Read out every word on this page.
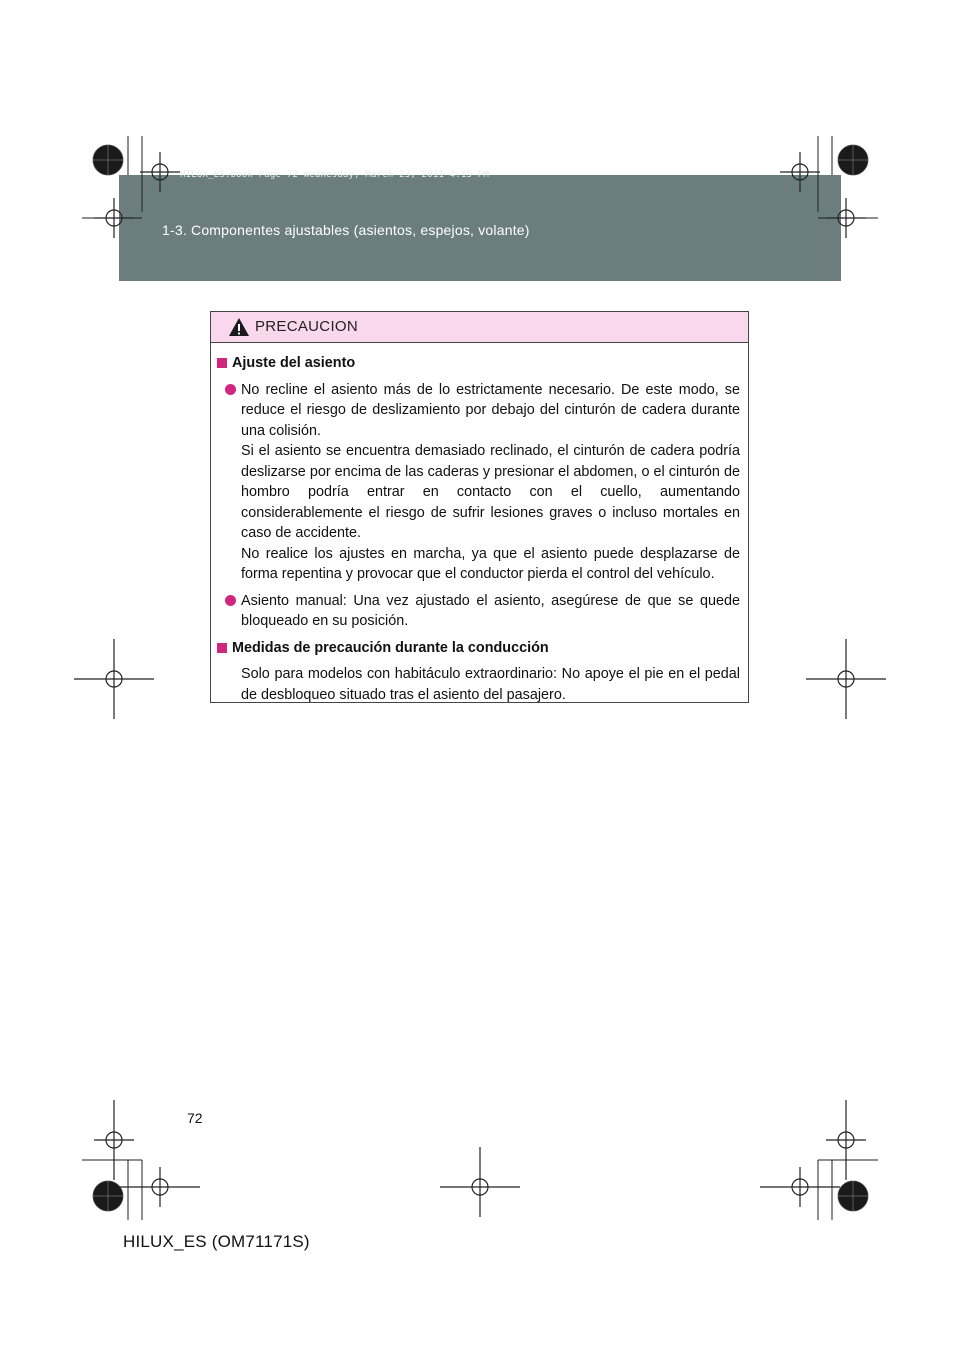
HILUX_ES.book Page 72 Wednesday, March 23, 2011 4:15 PM
1-3. Componentes ajustables (asientos, espejos, volante)
PRECAUCION
Ajuste del asiento
No recline el asiento más de lo estrictamente necesario. De este modo, se reduce el riesgo de deslizamiento por debajo del cinturón de cadera durante una colisión.
Si el asiento se encuentra demasiado reclinado, el cinturón de cadera podría deslizarse por encima de las caderas y presionar el abdomen, o el cinturón de hombro podría entrar en contacto con el cuello, aumentando considerablemente el riesgo de sufrir lesiones graves o incluso mortales en caso de accidente.
No realice los ajustes en marcha, ya que el asiento puede desplazarse de forma repentina y provocar que el conductor pierda el control del vehículo.
Asiento manual: Una vez ajustado el asiento, asegúrese de que se quede bloqueado en su posición.
Medidas de precaución durante la conducción
Solo para modelos con habitáculo extraordinario: No apoye el pie en el pedal de desbloqueo situado tras el asiento del pasajero.
72
HILUX_ES (OM71171S)
